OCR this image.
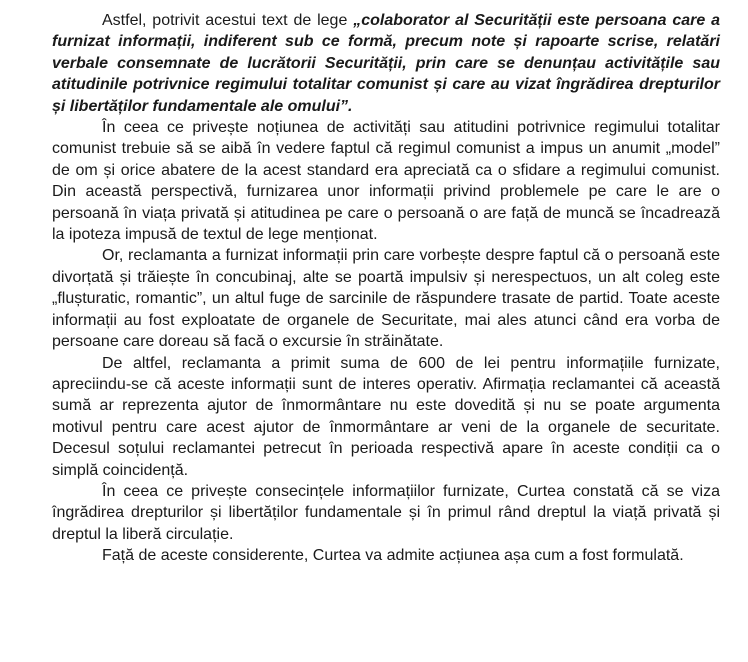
Astfel, potrivit acestui text de lege „colaborator al Securității este persoana care a furnizat informații, indiferent sub ce formă, precum note și rapoarte scrise, relatări verbale consemnate de lucrătorii Securității, prin care se denunțau activitățile sau atitudinile potrivnice regimului totalitar comunist și care au vizat îngrădirea drepturilor și libertăților fundamentale ale omului”.

În ceea ce privește noțiunea de activități sau atitudini potrivnice regimului totalitar comunist trebuie să se aibă în vedere faptul că regimul comunist a impus un anumit „model” de om și orice abatere de la acest standard era apreciată ca o sfidare a regimului comunist. Din această perspectivă, furnizarea unor informații privind problemele pe care le are o persoană în viața privată și atitudinea pe care o persoană o are față de muncă se încadrează la ipoteza impusă de textul de lege menționat.

Or, reclamanta a furnizat informații prin care vorbește despre faptul că o persoană este divorțată și trăiește în concubinaj, alte se poartă impulsiv și nerespectuos, un alt coleg este „flușturatic, romantic”, un altul fuge de sarcinile de răspundere trasate de partid. Toate aceste informații au fost exploatate de organele de Securitate, mai ales atunci când era vorba de persoane care doreau să facă o excursie în străinătate.

De altfel, reclamanta a primit suma de 600 de lei pentru informațiile furnizate, apreciindu-se că aceste informații sunt de interes operativ. Afirmația reclamantei că această sumă ar reprezenta ajutor de înmormântare nu este dovedită și nu se poate argumenta motivul pentru care acest ajutor de înmormântare ar veni de la organele de securitate. Decesul soțului reclamantei petrecut în perioada respectivă apare în aceste condiții ca o simplă coincidență.

În ceea ce privește consecințele informațiilor furnizate, Curtea constată că se viza îngrădirea drepturilor și libertăților fundamentale și în primul rând dreptul la viață privată și dreptul la liberă circulație.

Față de aceste considerente, Curtea va admite acțiunea așa cum a fost formulată.
